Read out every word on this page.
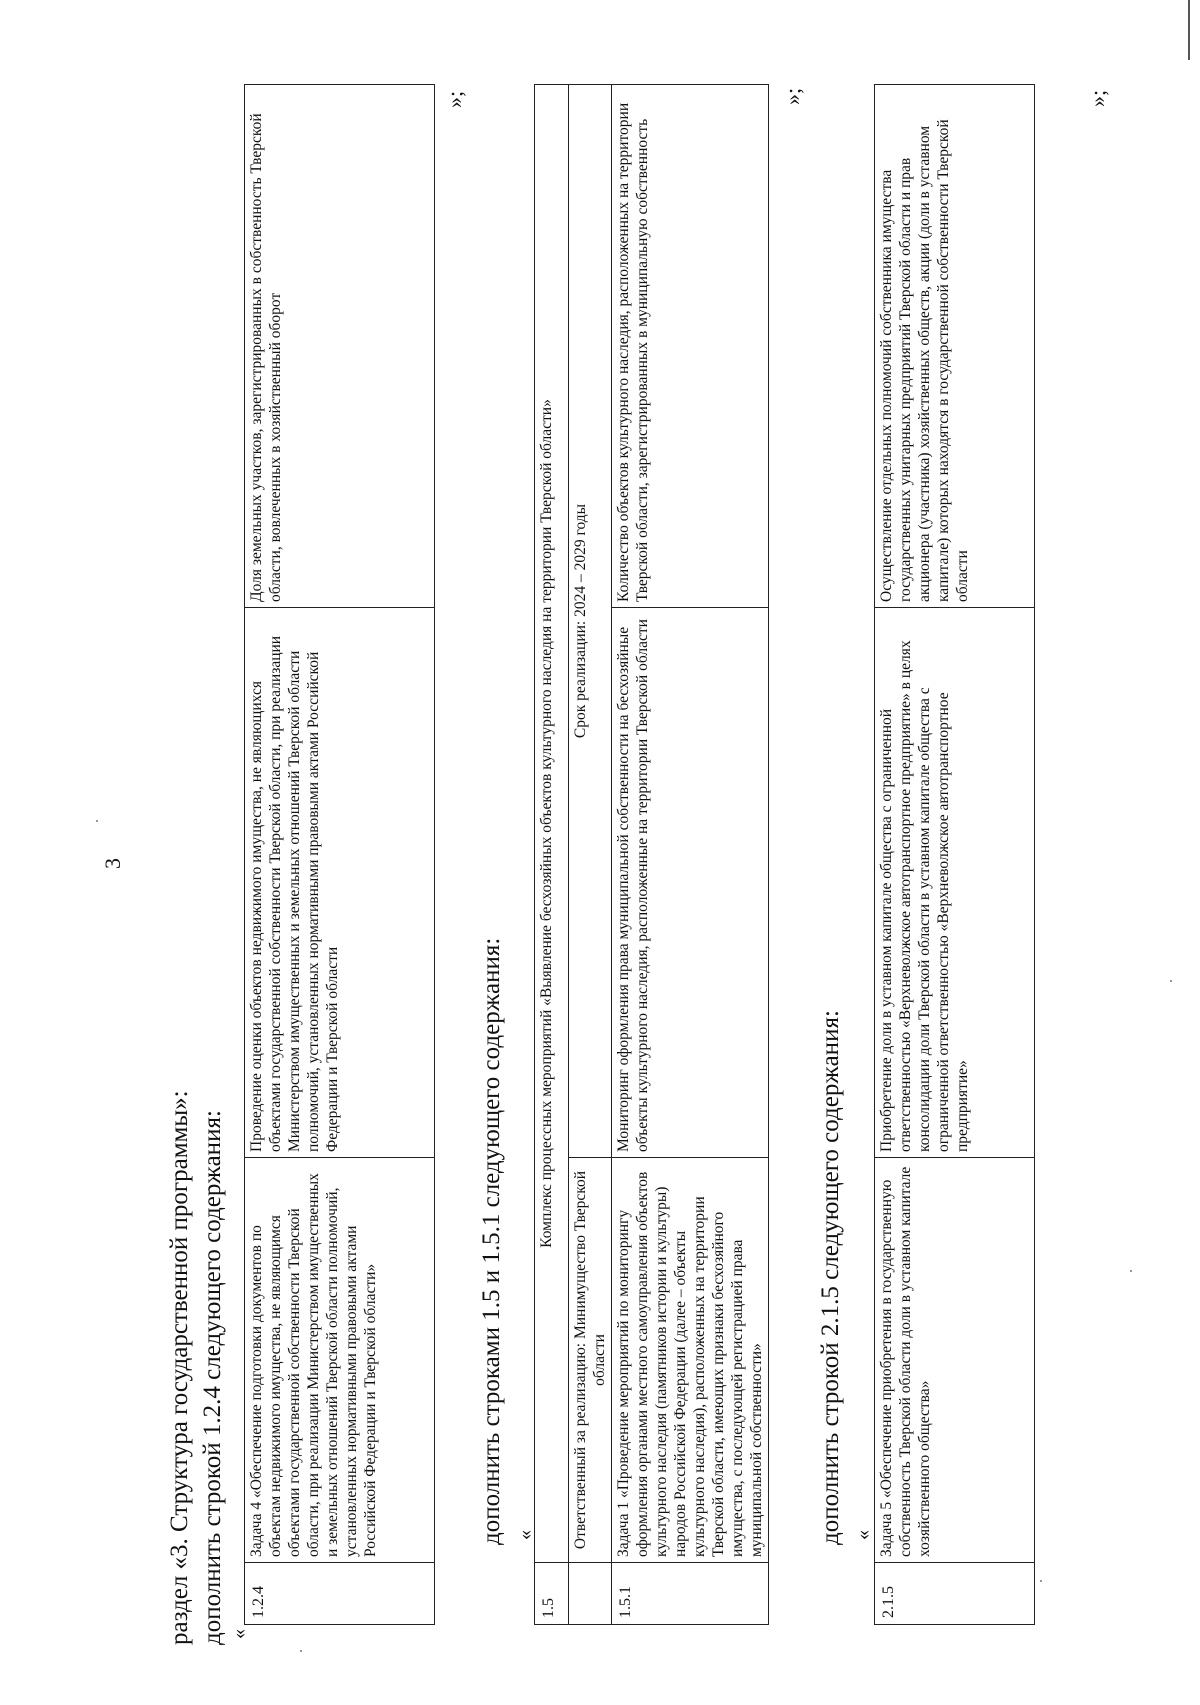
3
раздел «3. Структура государственной программы»: дополнить строкой 1.2.4 следующего содержания: «
1.2.4	Задача 4 «Обеспечение подготовки документов по объектам недвижимого имущества, не являющимся объектами государственной собственности Тверской области, при реализации Министерством имущественных и земельных отношений Тверской области полномочий, установленных нормативными правовыми актами Российской Федерации и Тверской области»	Проведение оценки объектов недвижимого имущества, не являющихся объектами государственной собственности Тверской области, при реализации Министерством имущественных и земельных отношений Тверской области полномочий, установленных нормативными правовыми актами Российской Федерации и Тверской области	Доля земельных участков, зарегистрированных в собственность Тверской области, вовлеченных в хозяйственный оборот
»;
дополнить строками 1.5 и 1.5.1 следующего содержания: «
1.5	Комплекс процессных мероприятий «Выявление бесхозяйных объектов культурного наследия на территории Тверской области»		
	Ответственный за реализацию: Минимущество Тверской области	Срок реализации: 2024 – 2029 годы	
1.5.1	Задача 1 «Проведение мероприятий по мониторингу оформления органами местного самоуправления объектов культурного наследия (памятников истории и культуры) народов Российской Федерации (далее – объекты культурного наследия), расположенных на территории Тверской области, имеющих признаки бесхозяйного имущества, с последующей регистрацией права муниципальной собственности»	Мониторинг оформления права муниципальной собственности на бесхозяйные объекты культурного наследия, расположенные на территории Тверской области	Количество объектов культурного наследия, расположенных на территории Тверской области, зарегистрированных в муниципальную собственность
»;
дополнить строкой 2.1.5 следующего содержания: «
2.1.5	Задача 5 «Обеспечение приобретения в государственную собственность Тверской области доли в уставном капитале хозяйственного общества»	Приобретение доли в уставном капитале общества с ограниченной ответственностью «Верхневолжское автотранспортное предприятие» в целях консолидации доли Тверской области в уставном капитале общества с ограниченной ответственностью «Верхневолжское автотранспортное предприятие»	Осуществление отдельных полномочий собственника имущества государственных унитарных предприятий Тверской области и прав акционера (участника) хозяйственных обществ, акции (доли в уставном капитале) которых находятся в государственной собственности Тверской области
»;
